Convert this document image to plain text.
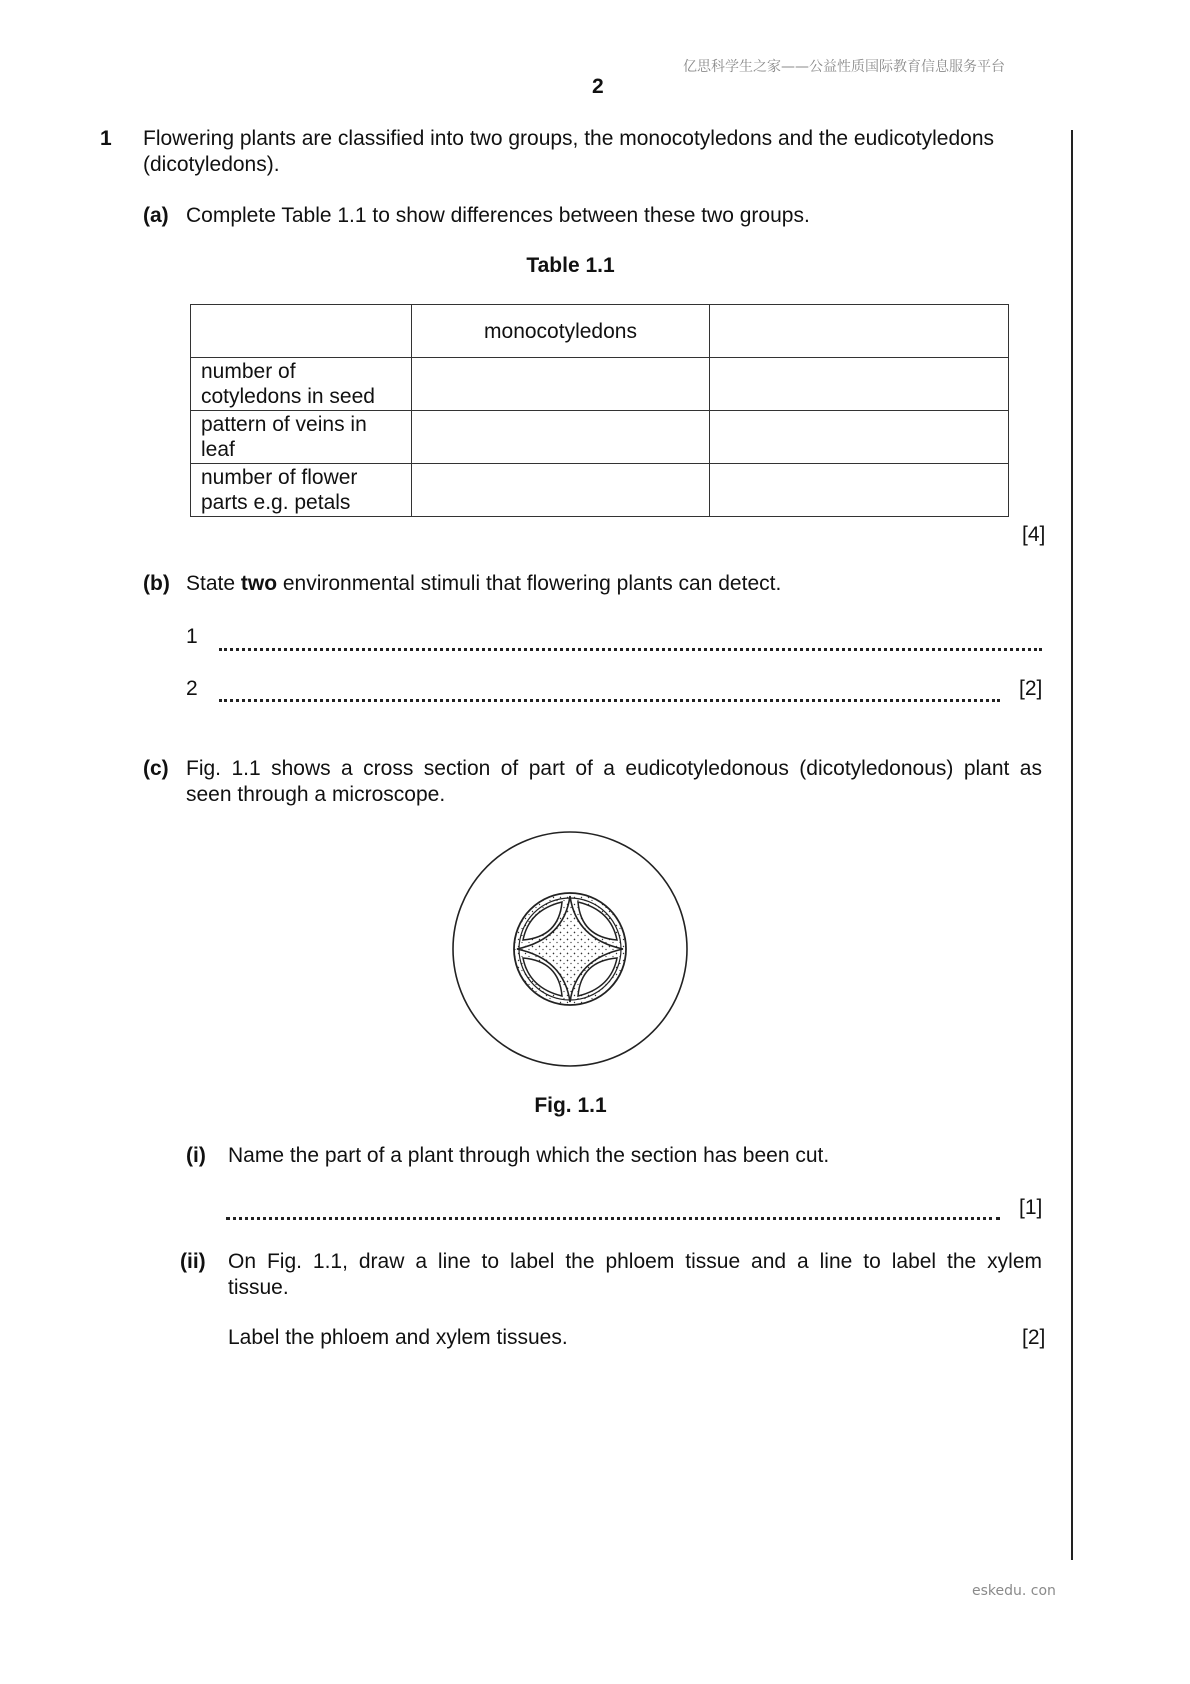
亿思科学生之家——公益性质国际教育信息服务平台
2
1 Flowering plants are classified into two groups, the monocotyledons and the eudicotyledons
(dicotyledons).
(a) Complete Table 1.1 to show differences between these two groups.
Table 1.1
	monocotyledons	
number of
cotyledons in seed		
pattern of veins in
leaf		
number of flower
parts e.g. petals		
[4]
(b) State two environmental stimuli that flowering plants can detect.
1
2	[2]
(c) Fig. 1.1 shows a cross section of part of a eudicotyledonous (dicotyledonous) plant as
seen through a microscope.
Fig. 1.1
(i) Name the part of a plant through which the section has been cut.
[1]
(ii) On Fig. 1.1, draw a line to label the phloem tissue and a line to label the xylem
tissue.
Label the phloem and xylem tissues.	[2]
eskedu. con
